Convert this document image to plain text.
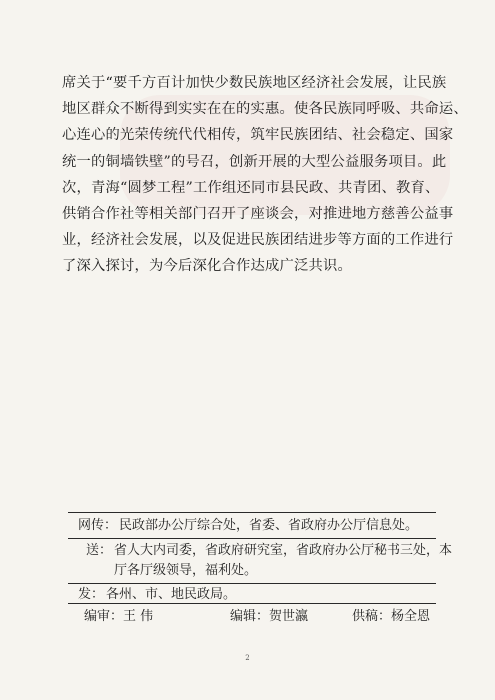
席关于“要千方百计加快少数民族地区经济社会发展，让民族
地区群众不断得到实实在在的实惠。使各民族同呼吸、共命运、
心连心的光荣传统代代相传，筑牢民族团结、社会稳定、国家
统一的铜墙铁壁”的号召，创新开展的大型公益服务项目。此
次，青海“圆梦工程”工作组还同市县民政、共青团、教育、
供销合作社等相关部门召开了座谈会，对推进地方慈善公益事
业，经济社会发展，以及促进民族团结进步等方面的工作进行
了深入探讨，为今后深化合作达成广泛共识。
网传： 民政部办公厅综合处，省委、省政府办公厅信息处。
送： 省人大内司委，省政府研究室，省政府办公厅秘书三处，本
厅各厅级领导，福利处。
发： 各州、市、地民政局。
编审：王 伟	编辑：贺世瀛	供稿：杨全恩
2
